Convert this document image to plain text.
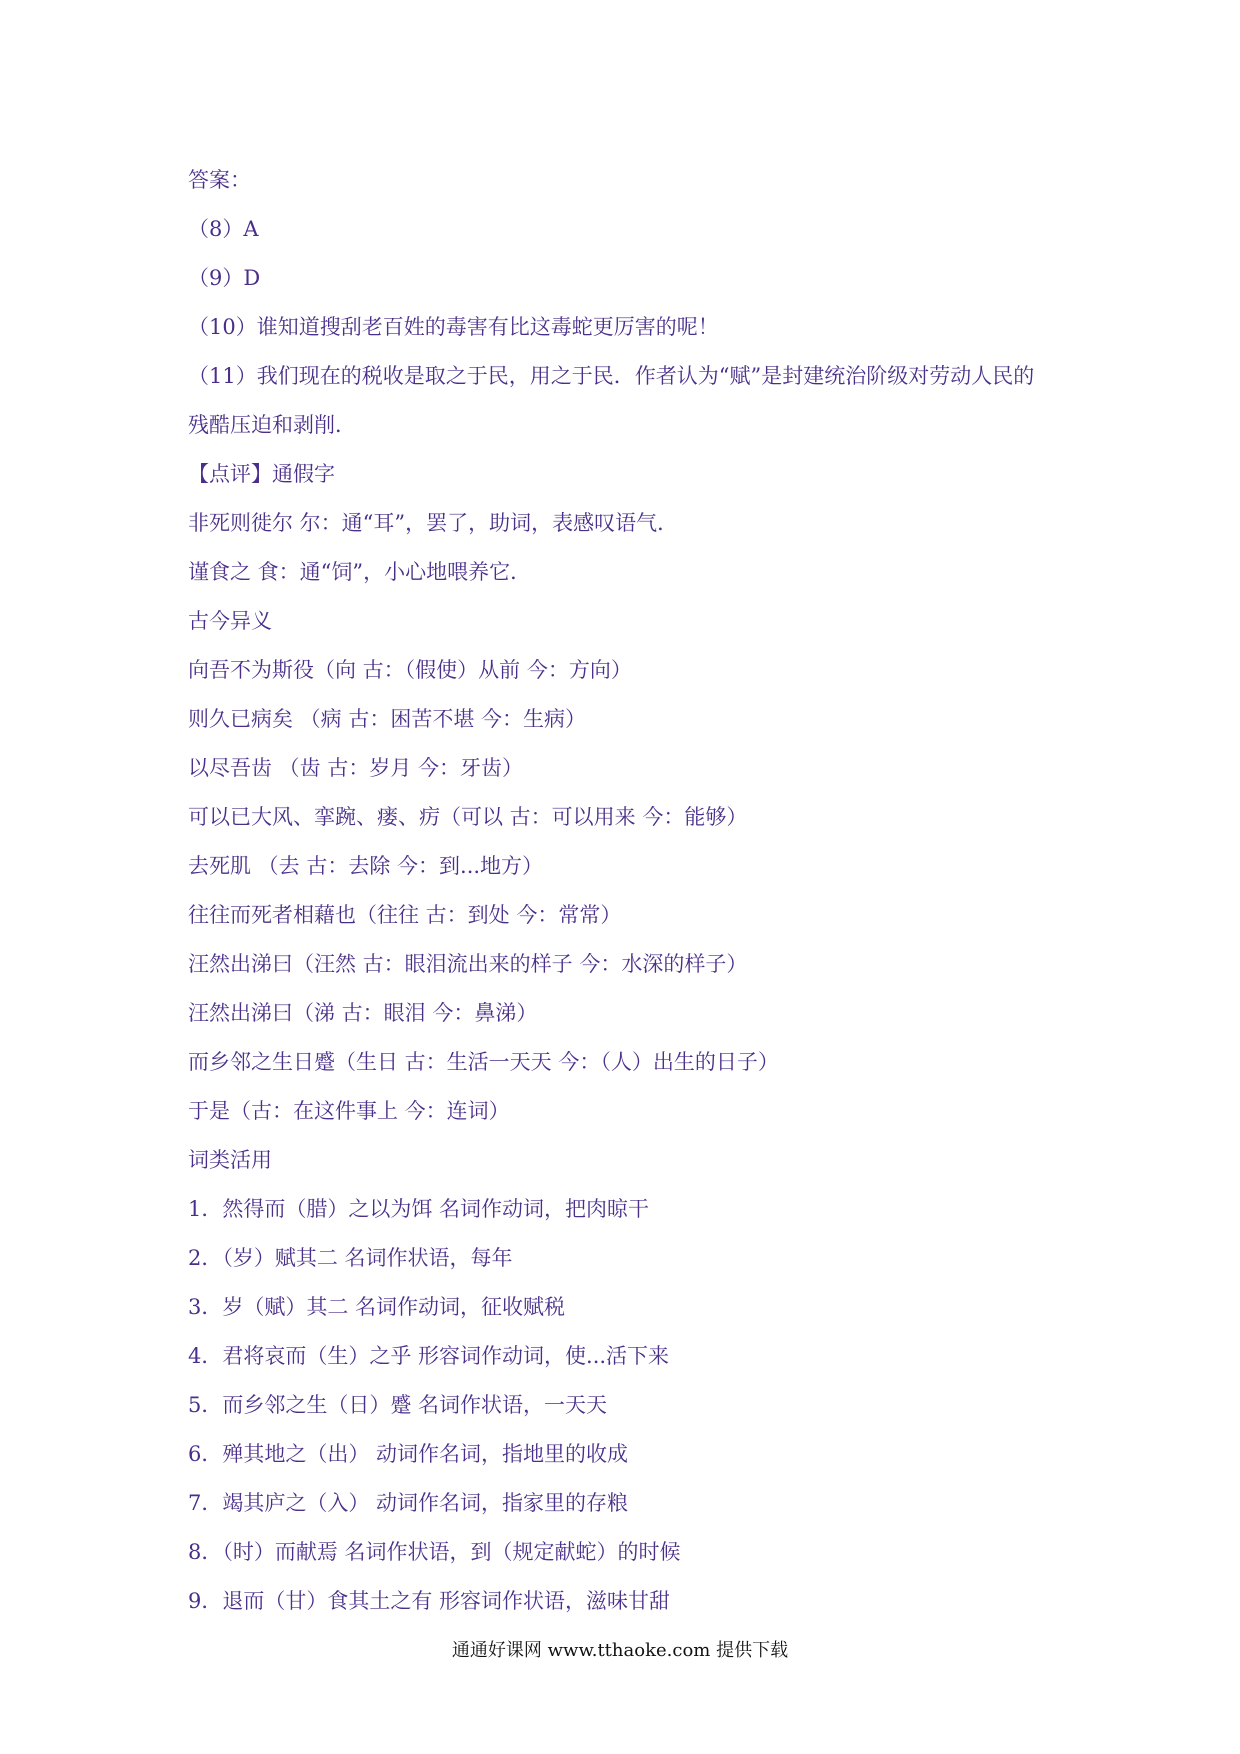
答案：
（8）A
（9）D
（10）谁知道搜刮老百姓的毒害有比这毒蛇更厉害的呢！
（11）我们现在的税收是取之于民，用之于民．作者认为“赋”是封建统治阶级对劳动人民的
残酷压迫和剥削．
【点评】通假字
非死则徙尔 尔：通“耳”，罢了，助词，表感叹语气．
谨食之 食：通“饲”，小心地喂养它．
古今异义
向吾不为斯役（向 古：（假使）从前 今：方向）
则久已病矣 （病 古：困苦不堪 今：生病）
以尽吾齿 （齿 古：岁月 今：牙齿）
可以已大风、挛踠、瘘、疠（可以 古：可以用来 今：能够）
去死肌 （去 古：去除 今：到...地方）
往往而死者相藉也（往往 古：到处 今：常常）
汪然出涕曰（汪然 古：眼泪流出来的样子 今：水深的样子）
汪然出涕曰（涕 古：眼泪 今：鼻涕）
而乡邻之生日蹙（生日 古：生活一天天 今：（人）出生的日子）
于是（古：在这件事上 今：连词）
词类活用
1．然得而（腊）之以为饵 名词作动词，把肉晾干
2．（岁）赋其二 名词作状语，每年
3．岁（赋）其二 名词作动词，征收赋税
4．君将哀而（生）之乎 形容词作动词，使...活下来
5．而乡邻之生（日）蹙 名词作状语，一天天
6．殚其地之（出） 动词作名词，指地里的收成
7．竭其庐之（入） 动词作名词，指家里的存粮
8．（时）而献焉 名词作状语，到（规定献蛇）的时候
9．退而（甘）食其土之有 形容词作状语，滋味甘甜
通通好课网 www.tthaoke.com 提供下载
